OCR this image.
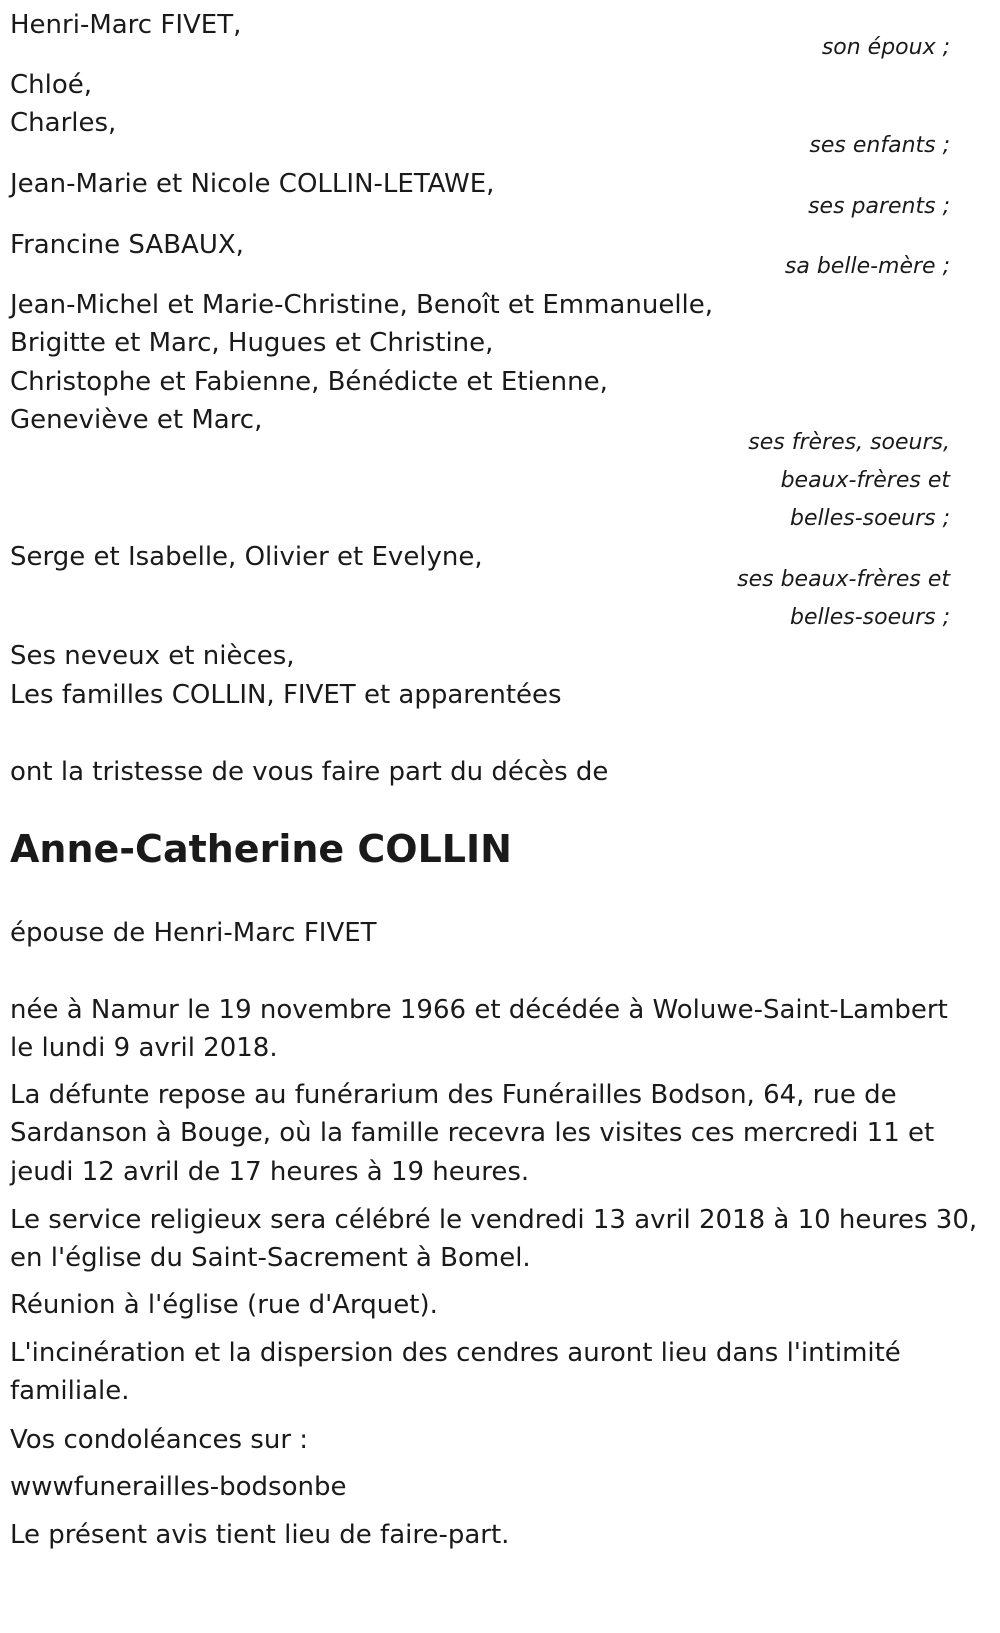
Henri-Marc FIVET,
son époux ;
Chloé,
Charles,
ses enfants ;
Jean-Marie et Nicole COLLIN-LETAWE,
ses parents ;
Francine SABAUX,
sa belle-mère ;
Jean-Michel et Marie-Christine, Benoît et Emmanuelle,
Brigitte et Marc, Hugues et Christine,
Christophe et Fabienne, Bénédicte et Etienne,
Geneviève et Marc,
ses frères, soeurs,
beaux-frères et
belles-soeurs ;
Serge et Isabelle, Olivier et Evelyne,
ses beaux-frères et
belles-soeurs ;
Ses neveux et nièces,
Les familles COLLIN, FIVET et apparentées
ont la tristesse de vous faire part du décès de
Anne-Catherine COLLIN
épouse de Henri-Marc FIVET
née à Namur le 19 novembre 1966 et décédée à Woluwe-Saint-Lambert
le lundi 9 avril 2018.
La défunte repose au funérarium des Funérailles Bodson, 64, rue de
Sardanson à Bouge, où la famille recevra les visites ces mercredi 11 et
jeudi 12 avril de 17 heures à 19 heures.
Le service religieux sera célébré le vendredi 13 avril 2018 à 10 heures 30,
en l'église du Saint-Sacrement à Bomel.
Réunion à l'église (rue d'Arquet).
L'incinération et la dispersion des cendres auront lieu dans l'intimité
familiale.
Vos condoléances sur :
wwwfunerailles-bodsonbe
Le présent avis tient lieu de faire-part.
